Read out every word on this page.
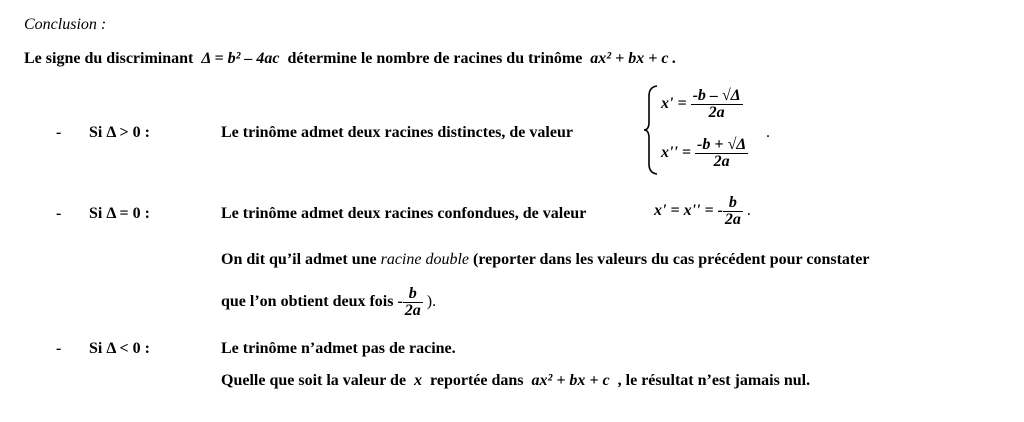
Conclusion :
Le signe du discriminant Δ = b² – 4ac détermine le nombre de racines du trinôme ax² + bx + c .
- Si Δ > 0 :	Le trinôme admet deux racines distinctes, de valeur
$x' = \frac{-b - √\Delta}{2a}$
.
$x'' = \frac{-b + √\Delta}{2a}$
- Si Δ = 0 :	Le trinôme admet deux racines confondues, de valeur	x' = x'' = - $\frac{b}{2a}$ .
On dit qu’il admet une racine double (reporter dans les valeurs du cas précédent pour constater
que l’on obtient deux fois - $\frac{b}{2a}$ ).
- Si Δ < 0 :	Le trinôme n’admet pas de racine.
Quelle que soit la valeur de x reportée dans ax² + bx + c , le résultat n’est jamais nul.
